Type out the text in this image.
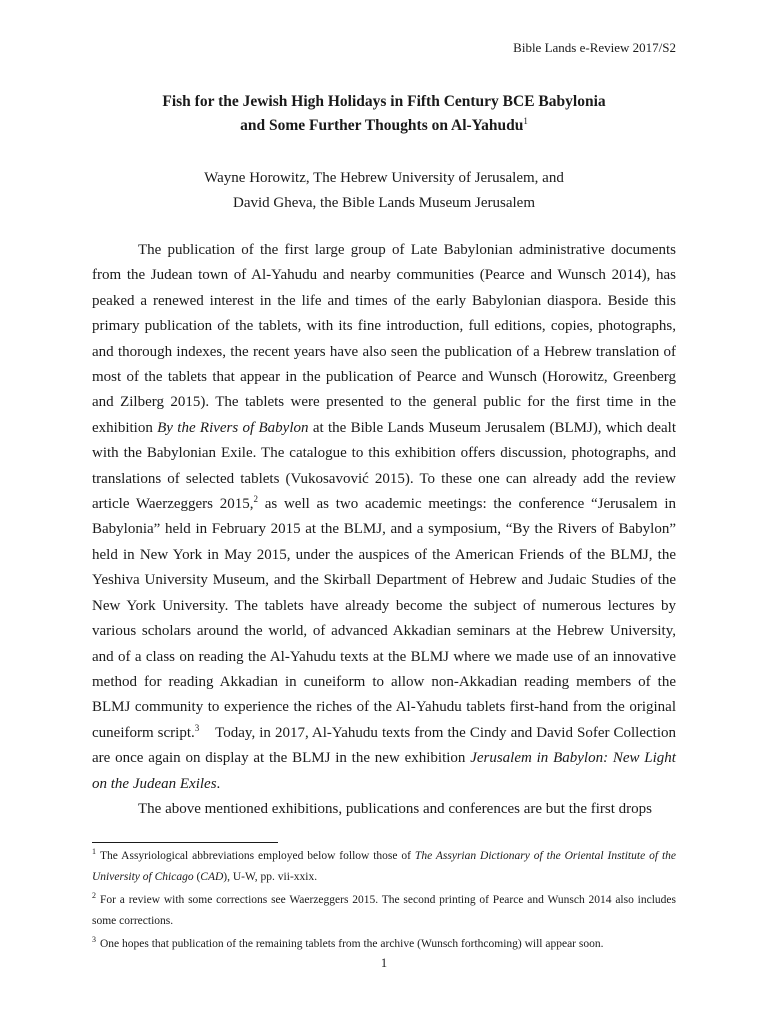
Bible Lands e-Review 2017/S2
Fish for the Jewish High Holidays in Fifth Century BCE Babylonia
and Some Further Thoughts on Al-Yahudu$^1$
Wayne Horowitz, The Hebrew University of Jerusalem, and
David Gheva, the Bible Lands Museum Jerusalem

The publication of the first large group of Late Babylonian administrative documents from the Judean town of Al-Yahudu and nearby communities (Pearce and Wunsch 2014), has peaked a renewed interest in the life and times of the early Babylonian diaspora. Beside this primary publication of the tablets, with its fine introduction, full editions, copies, photographs, and thorough indexes, the recent years have also seen the publication of a Hebrew translation of most of the tablets that appear in the publication of Pearce and Wunsch (Horowitz, Greenberg and Zilberg 2015). The tablets were presented to the general public for the first time in the exhibition By the Rivers of Babylon at the Bible Lands Museum Jerusalem (BLMJ), which dealt with the Babylonian Exile. The catalogue to this exhibition offers discussion, photographs, and translations of selected tablets (Vukosavović 2015). To these one can already add the review article Waerzeggers 2015,$^2$ as well as two academic meetings: the conference “Jerusalem in Babylonia” held in February 2015 at the BLMJ, and a symposium, “By the Rivers of Babylon” held in New York in May 2015, under the auspices of the American Friends of the BLMJ, the Yeshiva University Museum, and the Skirball Department of Hebrew and Judaic Studies of the New York University. The tablets have already become the subject of numerous lectures by various scholars around the world, of advanced Akkadian seminars at the Hebrew University, and of a class on reading the Al-Yahudu texts at the BLMJ where we made use of an innovative method for reading Akkadian in cuneiform to allow non-Akkadian reading members of the BLMJ community to experience the riches of the Al-Yahudu tablets first-hand from the original cuneiform script.$^3$    Today, in 2017, Al-Yahudu texts from the Cindy and David Sofer Collection are once again on display at the BLMJ in the new exhibition Jerusalem in Babylon: New Light on the Judean Exiles.

The above mentioned exhibitions, publications and conferences are but the first drops

$^1$ The Assyriological abbreviations employed below follow those of The Assyrian Dictionary of the Oriental Institute of the University of Chicago (CAD), U-W, pp. vii-xxix.
$^2$ For a review with some corrections see Waerzeggers 2015. The second printing of Pearce and Wunsch 2014 also includes some corrections.
$^3$ One hopes that publication of the remaining tablets from the archive (Wunsch forthcoming) will appear soon.
1
